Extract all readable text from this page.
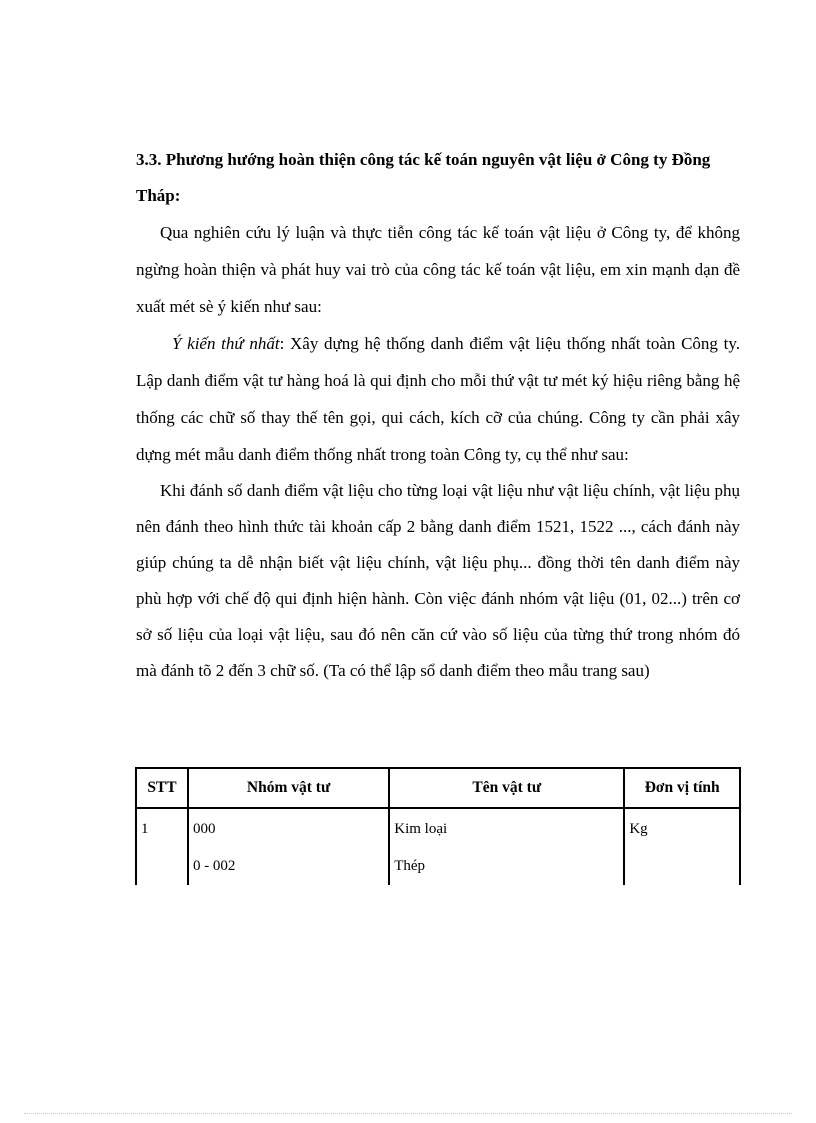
3.3. Phương hướng hoàn thiện công tác kế toán nguyên vật liệu ở Công ty Đồng Tháp:

Qua nghiên cứu lý luận và thực tiễn công tác kế toán vật liệu ở Công ty, để không ngừng hoàn thiện và phát huy vai trò của công tác kế toán vật liệu, em xin mạnh dạn đề xuất mét sè ý kiến như sau:

Ý kiến thứ nhất: Xây dựng hệ thống danh điểm vật liệu thống nhất toàn Công ty. Lập danh điểm vật tư hàng hoá là qui định cho mỗi thứ vật tư mét ký hiệu riêng bằng hệ thống các chữ số thay thế tên gọi, qui cách, kích cỡ của chúng. Công ty cần phải xây dựng mét mẫu danh điểm thống nhất trong toàn Công ty, cụ thể như sau:

Khi đánh số danh điểm vật liệu cho từng loại vật liệu như vật liệu chính, vật liệu phụ nên đánh theo hình thức tài khoản cấp 2 bằng danh điểm 1521, 1522 ..., cách đánh này giúp chúng ta dễ nhận biết vật liệu chính, vật liệu phụ... đồng thời tên danh điểm này phù hợp với chế độ qui định hiện hành. Còn việc đánh nhóm vật liệu (01, 02...) trên cơ sở số liệu của loại vật liệu, sau đó nên căn cứ vào số liệu của từng thứ trong nhóm đó mà đánh tõ 2 đến 3 chữ số. (Ta có thể lập sổ danh điểm theo mẫu trang sau)

STT	Nhóm vật tư	Tên vật tư	Đơn vị tính
1	000	Kim loại	Kg
	0 - 002	Thép	
